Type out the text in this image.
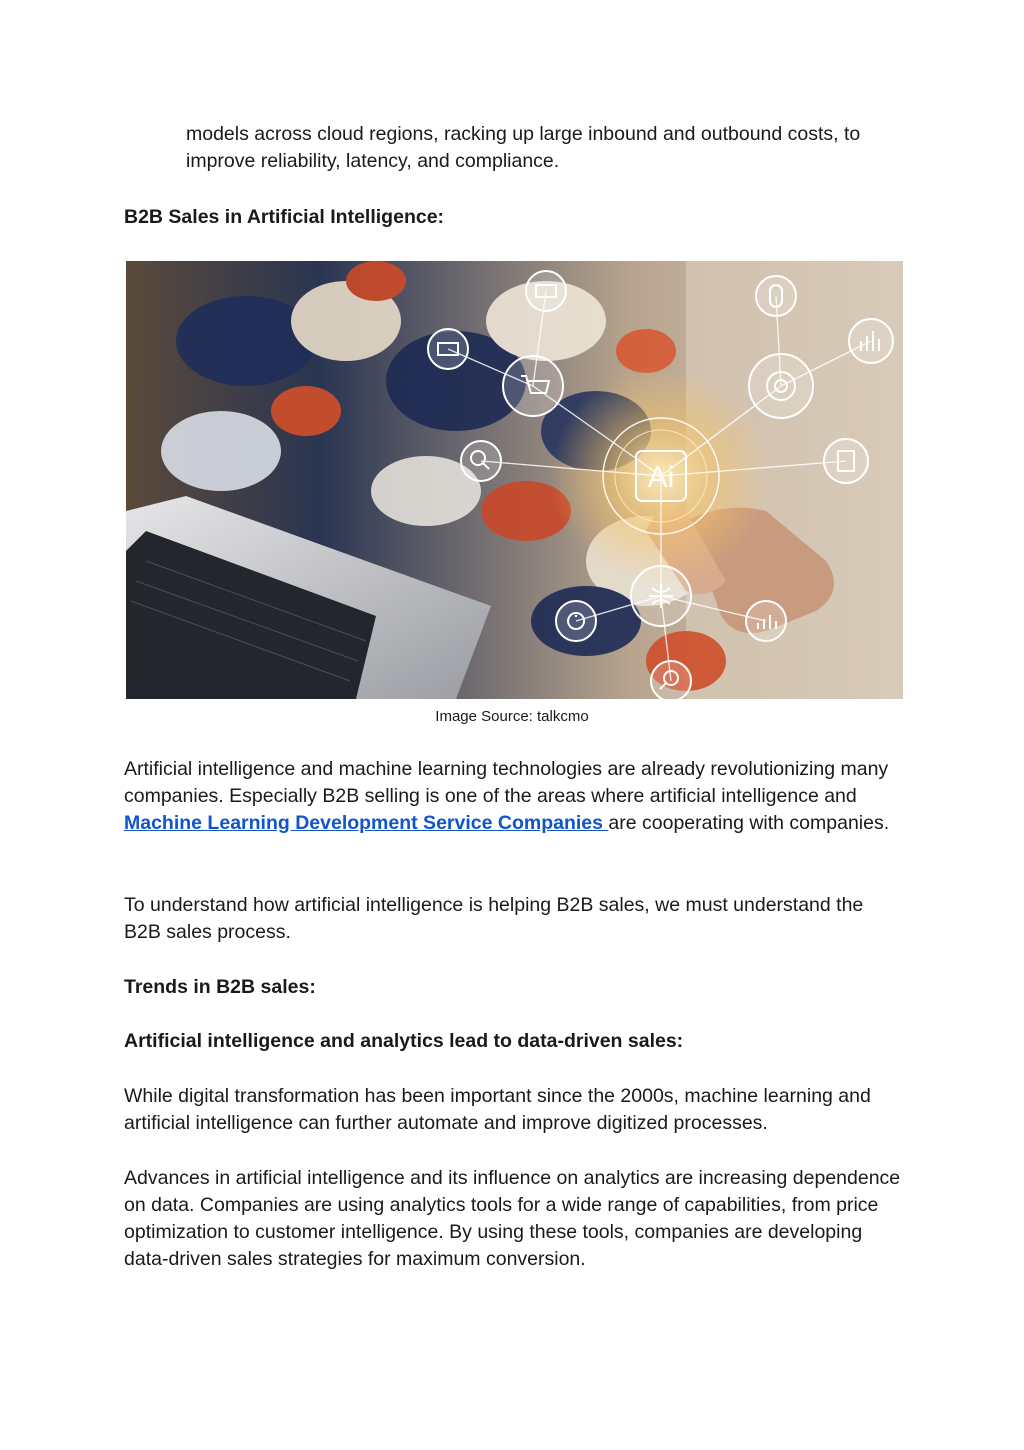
models across cloud regions, racking up large inbound and outbound costs, to
improve reliability, latency, and compliance.

B2B Sales in Artificial Intelligence:

Ai
Image Source: talkcmo

Artificial intelligence and machine learning technologies are already revolutionizing many companies. Especially B2B selling is one of the areas where artificial intelligence and Machine Learning Development Service Companies are cooperating with companies.

To understand how artificial intelligence is helping B2B sales, we must understand the B2B sales process.

Trends in B2B sales:

Artificial intelligence and analytics lead to data-driven sales:

While digital transformation has been important since the 2000s, machine learning and artificial intelligence can further automate and improve digitized processes.

Advances in artificial intelligence and its influence on analytics are increasing dependence on data. Companies are using analytics tools for a wide range of capabilities, from price optimization to customer intelligence. By using these tools, companies are developing data-driven sales strategies for maximum conversion.
